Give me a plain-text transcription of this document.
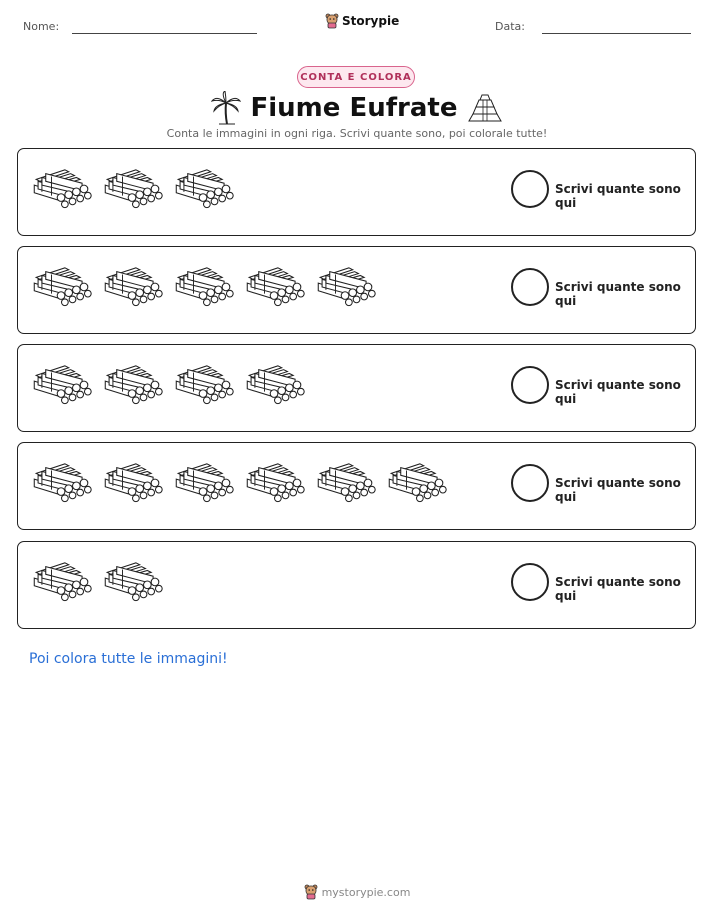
Nome:	Storypie	Data:
CONTA E COLORA
Fiume Eufrate
Conta le immagini in ogni riga. Scrivi quante sono, poi colorale tutte!
Scrivi quante sono qui
Scrivi quante sono qui
Scrivi quante sono qui
Scrivi quante sono qui
Scrivi quante sono qui
Poi colora tutte le immagini!
mystorypie.com
